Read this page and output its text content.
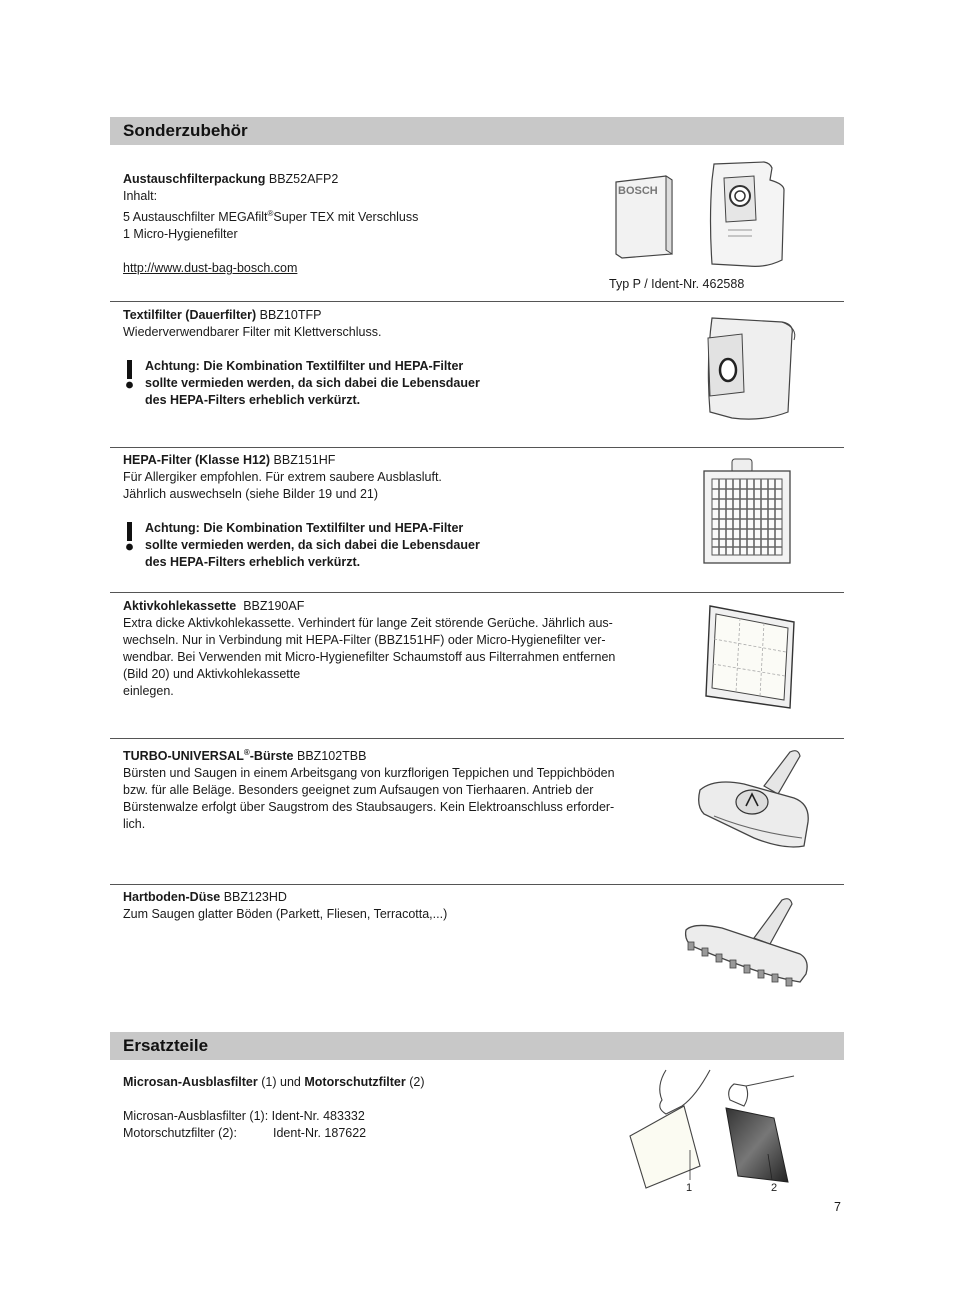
Sonderzubehör

Austauschfilterpackung BBZ52AFP2

Inhalt:

5 Austauschfilter MEGAfilt®Super TEX mit Verschluss

1 Micro-Hygienefilter

http://www.dust-bag-bosch.com

BOSCH
Typ P / Ident-Nr. 462588

Textilfilter (Dauerfilter) BBZ10TFP

Wiederverwendbarer Filter mit Klettverschluss.

Achtung: Die Kombination Textilfilter und HEPA-Filter
sollte vermieden werden, da sich dabei die Lebensdauer
des HEPA-Filters erheblich verkürzt.

HEPA-Filter (Klasse H12) BBZ151HF

Für Allergiker empfohlen. Für extrem saubere Ausblasluft.

Jährlich auswechseln (siehe Bilder 19 und 21)

Achtung: Die Kombination Textilfilter und HEPA-Filter
sollte vermieden werden, da sich dabei die Lebensdauer
des HEPA-Filters erheblich verkürzt.

Aktivkohlekassette BBZ190AF

Extra dicke Aktivkohlekassette. Verhindert für lange Zeit störende Gerüche. Jährlich aus-

wechseln. Nur in Verbindung mit HEPA-Filter (BBZ151HF) oder Micro-Hygienefilter ver-

wendbar. Bei Verwenden mit Micro-Hygienefilter Schaumstoff aus Filterrahmen entfernen

(Bild 20) und Aktivkohlekassette

einlegen.

TURBO-UNIVERSAL®-Bürste BBZ102TBB

Bürsten und Saugen in einem Arbeitsgang von kurzflorigen Teppichen und Teppichböden

bzw. für alle Beläge. Besonders geeignet zum Aufsaugen von Tierhaaren. Antrieb der

Bürstenwalze erfolgt über Saugstrom des Staubsaugers. Kein Elektroanschluss erforder-

lich.

Hartboden-Düse BBZ123HD

Zum Saugen glatter Böden (Parkett, Fliesen, Terracotta,...)

Ersatzteile

Microsan-Ausblasfilter (1) und Motorschutzfilter (2)

Microsan-Ausblasfilter (1): Ident-Nr. 483332

Motorschutzfilter (2):	Ident-Nr. 187622

1	2
7
